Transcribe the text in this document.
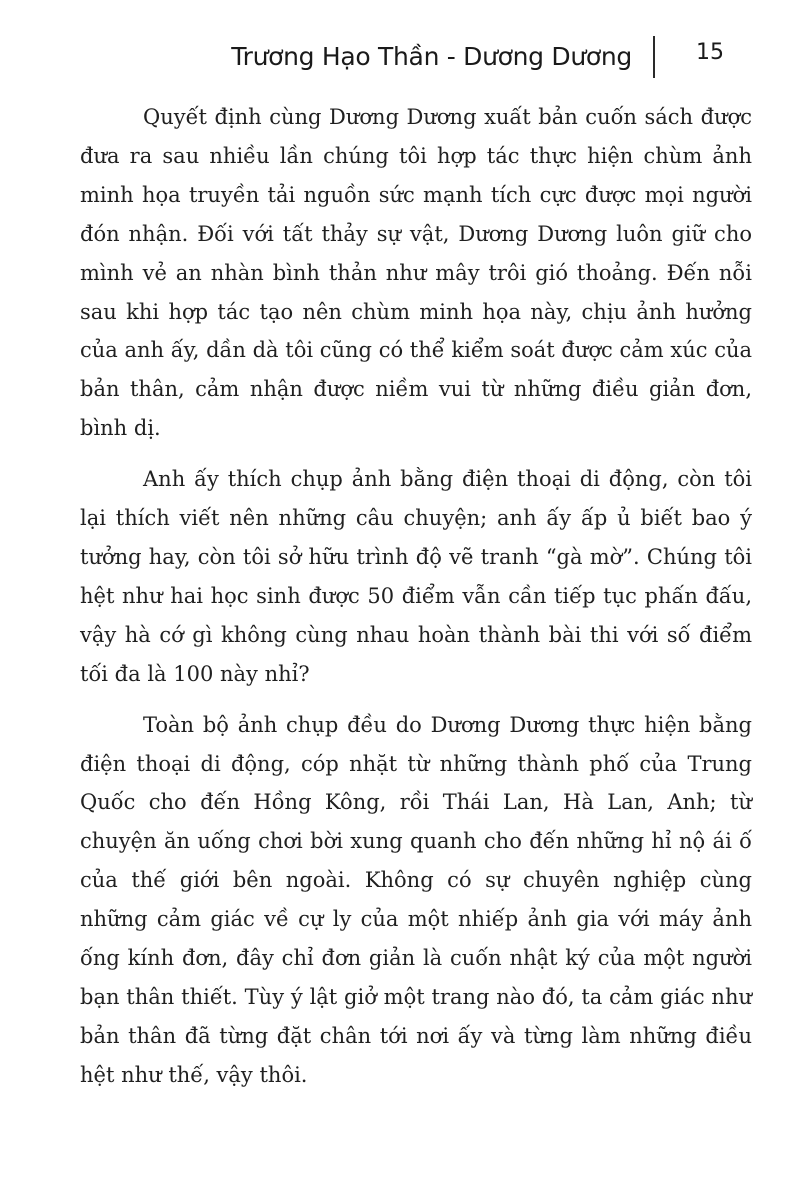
Trương Hạo Thần - Dương Dương	15

Quyết định cùng Dương Dương xuất bản cuốn sách được đưa ra sau nhiều lần chúng tôi hợp tác thực hiện chùm ảnh minh họa truyền tải nguồn sức mạnh tích cực được mọi người đón nhận. Đối với tất thảy sự vật, Dương Dương luôn giữ cho mình vẻ an nhàn bình thản như mây trôi gió thoảng. Đến nỗi sau khi hợp tác tạo nên chùm minh họa này, chịu ảnh hưởng của anh ấy, dần dà tôi cũng có thể kiểm soát được cảm xúc của bản thân, cảm nhận được niềm vui từ những điều giản đơn, bình dị.

Anh ấy thích chụp ảnh bằng điện thoại di động, còn tôi lại thích viết nên những câu chuyện; anh ấy ấp ủ biết bao ý tưởng hay, còn tôi sở hữu trình độ vẽ tranh “gà mờ”. Chúng tôi hệt như hai học sinh được 50 điểm vẫn cần tiếp tục phấn đấu, vậy hà cớ gì không cùng nhau hoàn thành bài thi với số điểm tối đa là 100 này nhỉ?

Toàn bộ ảnh chụp đều do Dương Dương thực hiện bằng điện thoại di động, cóp nhặt từ những thành phố của Trung Quốc cho đến Hồng Kông, rồi Thái Lan, Hà Lan, Anh; từ chuyện ăn uống chơi bời xung quanh cho đến những hỉ nộ ái ố của thế giới bên ngoài. Không có sự chuyên nghiệp cùng những cảm giác về cự ly của một nhiếp ảnh gia với máy ảnh ống kính đơn, đây chỉ đơn giản là cuốn nhật ký của một người bạn thân thiết. Tùy ý lật giở một trang nào đó, ta cảm giác như bản thân đã từng đặt chân tới nơi ấy và từng làm những điều hệt như thế, vậy thôi.
